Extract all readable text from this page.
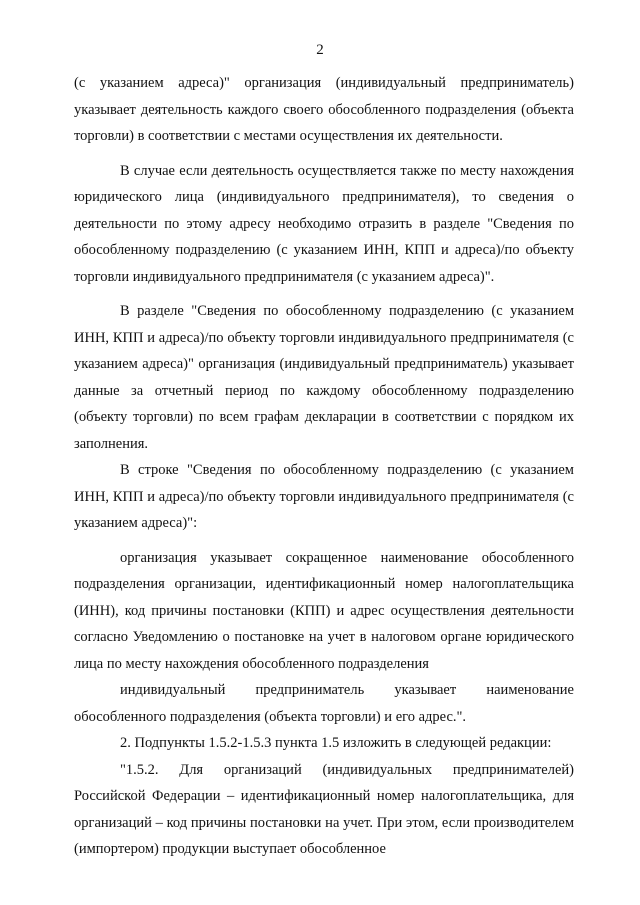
2

(с указанием адреса)" организация (индивидуальный предприниматель) указывает деятельность каждого своего обособленного подразделения (объекта торговли) в соответствии с местами осуществления их деятельности.

В случае если деятельность осуществляется также по месту нахождения юридического лица (индивидуального предпринимателя), то сведения о деятельности по этому адресу необходимо отразить в разделе "Сведения по обособленному подразделению (с указанием ИНН, КПП и адреса)/по объекту торговли индивидуального предпринимателя (с указанием адреса)".

В разделе "Сведения по обособленному подразделению (с указанием ИНН, КПП и адреса)/по объекту торговли индивидуального предпринимателя (с указанием адреса)" организация (индивидуальный предприниматель) указывает данные за отчетный период по каждому обособленному подразделению (объекту торговли) по всем графам декларации в соответствии с порядком их заполнения.

В строке "Сведения по обособленному подразделению (с указанием ИНН, КПП и адреса)/по объекту торговли индивидуального предпринимателя (с указанием адреса)":

организация указывает сокращенное наименование обособленного подразделения организации, идентификационный номер налогоплательщика (ИНН), код причины постановки (КПП) и адрес осуществления деятельности согласно Уведомлению о постановке на учет в налоговом органе юридического лица по месту нахождения обособленного подразделения

индивидуальный предприниматель указывает наименование обособленного подразделения (объекта торговли) и его адрес.".

2. Подпункты 1.5.2-1.5.3 пункта 1.5 изложить в следующей редакции:

"1.5.2. Для организаций (индивидуальных предпринимателей) Российской Федерации – идентификационный номер налогоплательщика, для организаций – код причины постановки на учет. При этом, если производителем (импортером) продукции выступает обособленное
